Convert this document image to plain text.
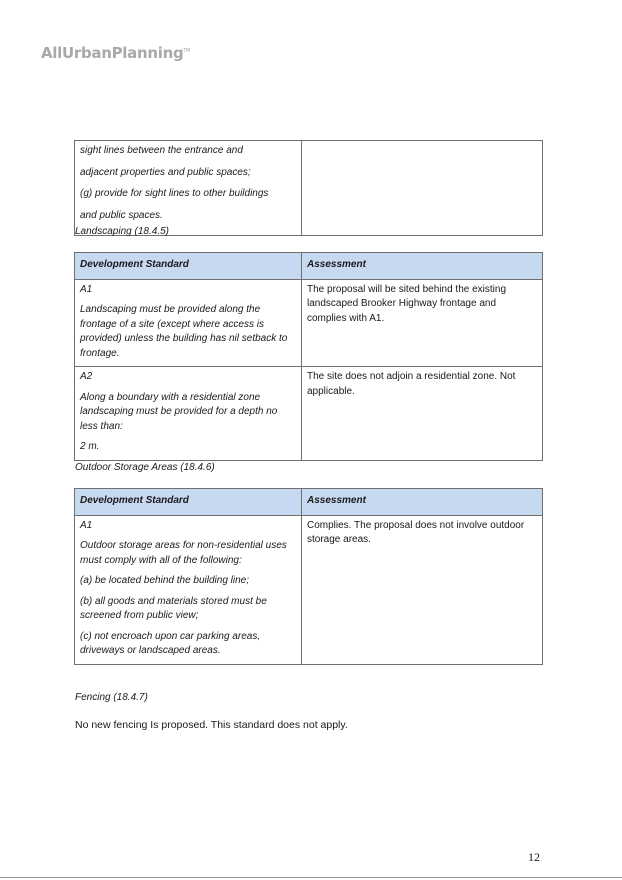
AllUrbanPlanning™
sight lines between the entrance and
adjacent properties and public spaces;
(g) provide for sight lines to other buildings
and public spaces.

Landscaping (18.4.5)
Development Standard	Assessment

A1
Landscaping must be provided along the frontage of a site (except where access is provided) unless the building has nil setback to frontage.	The proposal will be sited behind the existing landscaped Brooker Highway frontage and complies with A1.

A2
Along a boundary with a residential zone landscaping must be provided for a depth no less than:
2 m.	The site does not adjoin a residential zone. Not applicable.
Outdoor Storage Areas (18.4.6)
Development Standard	Assessment

A1
Outdoor storage areas for non-residential uses must comply with all of the following:
(a) be located behind the building line;
(b) all goods and materials stored must be screened from public view;
(c) not encroach upon car parking areas, driveways or landscaped areas.	Complies. The proposal does not involve outdoor storage areas.
Fencing (18.4.7)
No new fencing Is proposed. This standard does not apply.
12
